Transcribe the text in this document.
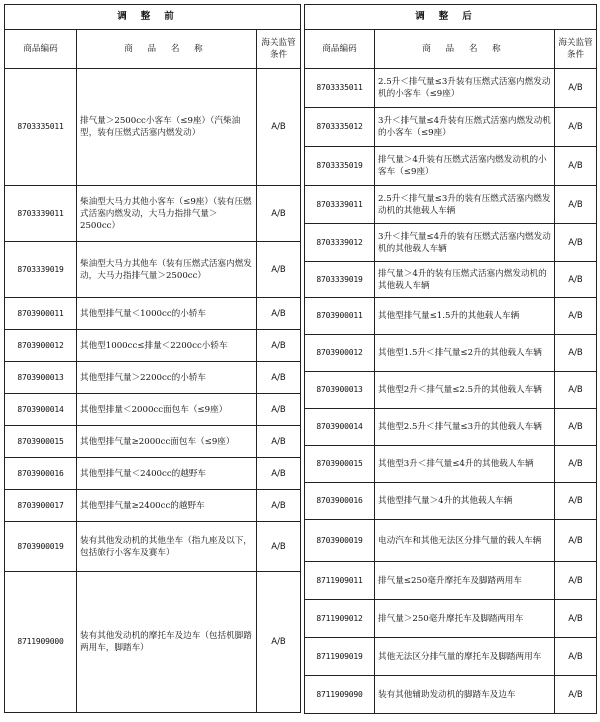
调整前		
商品编码	商 品 名 称	海关监管条件
8703335011	排气量＞2500cc小客车（≤9座）（汽柴油型，装有压燃式活塞内燃发动）	A/B
8703339011	柴油型大马力其他小客车（≤9座）（装有压燃式活塞内燃发动，大马力指排气量＞2500cc）	A/B
8703339019	柴油型大马力其他车（装有压燃式活塞内燃发动，大马力指排气量＞2500cc）	A/B
8703900011	其他型排气量＜1000cc的小轿车	A/B
8703900012	其他型1000cc≤排量＜2200cc小轿车	A/B
8703900013	其他型排气量＞2200cc的小轿车	A/B
8703900014	其他型排量＜2000cc面包车（≤9座）	A/B
8703900015	其他型排气量≥2000cc面包车（≤9座）	A/B
8703900016	其他型排气量＜2400cc的越野车	A/B
8703900017	其他型排气量≥2400cc的越野车	A/B
8703900019	装有其他发动机的其他坐车（指九座及以下，包括旅行小客车及赛车）	A/B
8711909000	装有其他发动机的摩托车及边车（包括机脚踏两用车，脚踏车）	A/B
调整后		
商品编码	商 品 名 称	海关监管条件
8703335011	2.5升＜排气量≤3升装有压燃式活塞内燃发动机的小客车（≤9座）	A/B
8703335012	3升＜排气量≤4升装有压燃式活塞内燃发动机的小客车（≤9座）	A/B
8703335019	排气量＞4升装有压燃式活塞内燃发动机的小客车（≤9座）	A/B
8703339011	2.5升＜排气量≤3升的装有压燃式活塞内燃发动机的其他载人车辆	A/B
8703339012	3升＜排气量≤4升的装有压燃式活塞内燃发动机的其他载人车辆	A/B
8703339019	排气量＞4升的装有压燃式活塞内燃发动机的其他载人车辆	A/B
8703900011	其他型排气量≤1.5升的其他载人车辆	A/B
8703900012	其他型1.5升＜排气量≤2升的其他载人车辆	A/B
8703900013	其他型2升＜排气量≤2.5升的其他载人车辆	A/B
8703900014	其他型2.5升＜排气量≤3升的其他载人车辆	A/B
8703900015	其他型3升＜排气量≤4升的其他载人车辆	A/B
8703900016	其他型排气量＞4升的其他载人车辆	A/B
8703900019	电动汽车和其他无法区分排气量的载人车辆	A/B
8711909011	排气量≤250毫升摩托车及脚踏两用车	A/B
8711909012	排气量＞250毫升摩托车及脚踏两用车	A/B
8711909019	其他无法区分排气量的摩托车及脚踏两用车	A/B
8711909090	装有其他辅助发动机的脚踏车及边车	A/B
